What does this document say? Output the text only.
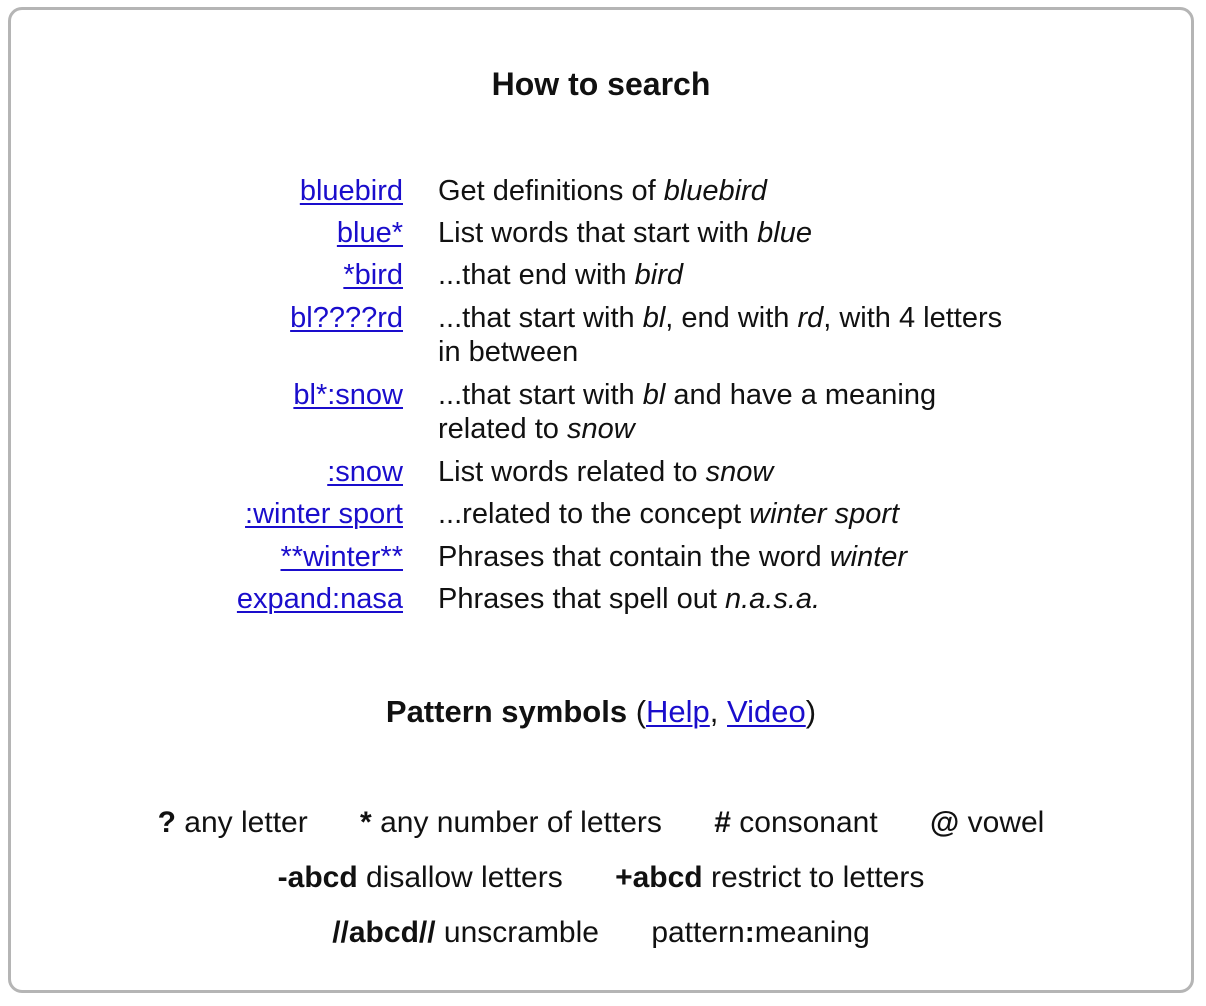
How to search
bluebird Get definitions of bluebird
blue* List words that start with blue
*bird ...that end with bird
bl????rd ...that start with bl, end with rd, with 4 letters in between
bl*:snow ...that start with bl and have a meaning related to snow
:snow List words related to snow
:winter sport ...related to the concept winter sport
**winter** Phrases that contain the word winter
expand:nasa Phrases that spell out n.a.s.a.
Pattern symbols (Help, Video)
? any letter * any number of letters # consonant @ vowel
-abcd disallow letters +abcd restrict to letters
//abcd// unscramble pattern:meaning
